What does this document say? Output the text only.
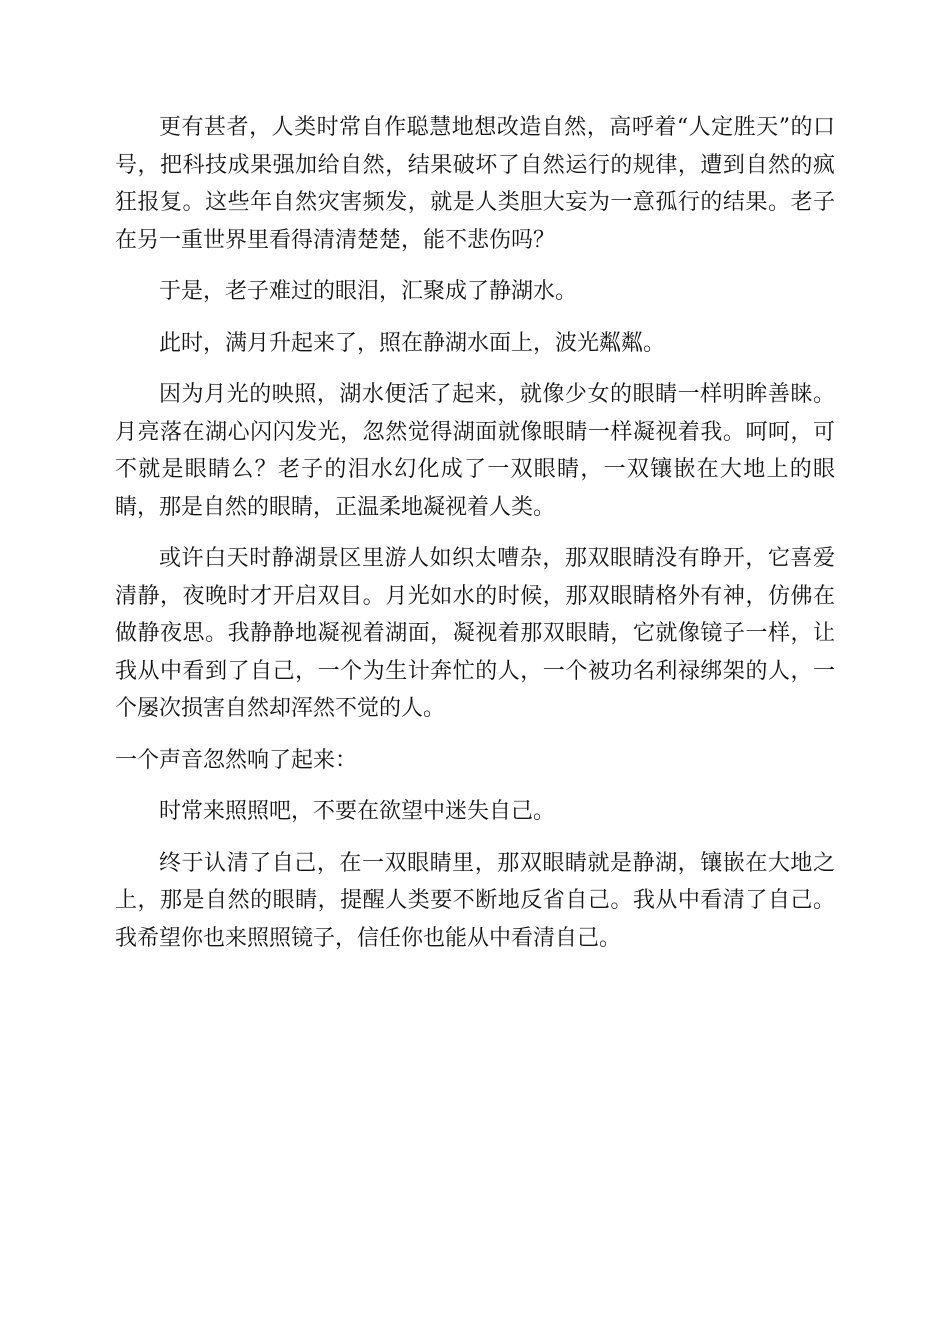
更有甚者，人类时常自作聪慧地想改造自然，高呼着“人定胜天”的口号，把科技成果强加给自然，结果破坏了自然运行的规律，遭到自然的疯狂报复。这些年自然灾害频发，就是人类胆大妄为一意孤行的结果。老子在另一重世界里看得清清楚楚，能不悲伤吗？

于是，老子难过的眼泪，汇聚成了静湖水。

此时，满月升起来了，照在静湖水面上，波光粼粼。

因为月光的映照，湖水便活了起来，就像少女的眼睛一样明眸善睐。月亮落在湖心闪闪发光，忽然觉得湖面就像眼睛一样凝视着我。呵呵，可不就是眼睛么？老子的泪水幻化成了一双眼睛，一双镶嵌在大地上的眼睛，那是自然的眼睛，正温柔地凝视着人类。

或许白天时静湖景区里游人如织太嘈杂，那双眼睛没有睁开，它喜爱清静，夜晚时才开启双目。月光如水的时候，那双眼睛格外有神，仿佛在做静夜思。我静静地凝视着湖面，凝视着那双眼睛，它就像镜子一样，让我从中看到了自己，一个为生计奔忙的人，一个被功名利禄绑架的人，一个屡次损害自然却浑然不觉的人。

一个声音忽然响了起来：

时常来照照吧，不要在欲望中迷失自己。

终于认清了自己，在一双眼睛里，那双眼睛就是静湖，镶嵌在大地之上，那是自然的眼睛，提醒人类要不断地反省自己。我从中看清了自己。我希望你也来照照镜子，信任你也能从中看清自己。
